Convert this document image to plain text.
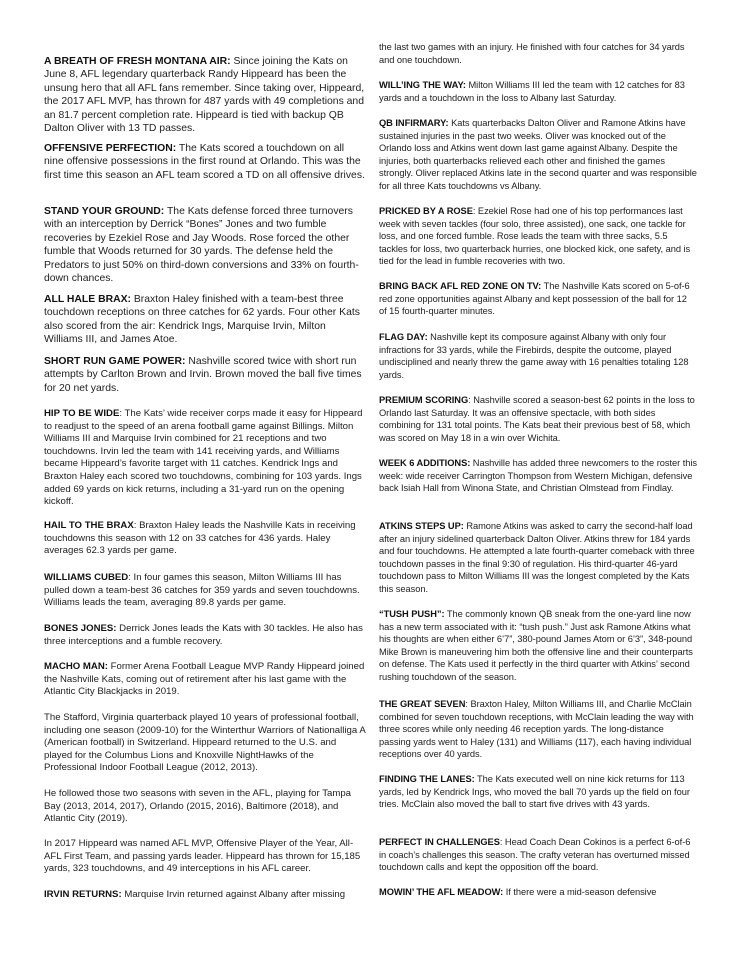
A BREATH OF FRESH MONTANA AIR: Since joining the Kats on June 8, AFL legendary quarterback Randy Hippeard has been the unsung hero that all AFL fans remember. Since taking over, Hippeard, the 2017 AFL MVP, has thrown for 487 yards with 49 completions and an 81.7 percent completion rate. Hippeard is tied with backup QB Dalton Oliver with 13 TD passes.

OFFENSIVE PERFECTION: The Kats scored a touchdown on all nine offensive possessions in the first round at Orlando. This was the first time this season an AFL team scored a TD on all offensive drives.

STAND YOUR GROUND: The Kats defense forced three turnovers with an interception by Derrick “Bones” Jones and two fumble recoveries by Ezekiel Rose and Jay Woods. Rose forced the other fumble that Woods returned for 30 yards. The defense held the Predators to just 50% on third-down conversions and 33% on fourth-down chances.

ALL HALE BRAX: Braxton Haley finished with a team-best three touchdown receptions on three catches for 62 yards. Four other Kats also scored from the air: Kendrick Ings, Marquise Irvin, Milton Williams III, and James Atoe.

SHORT RUN GAME POWER: Nashville scored twice with short run attempts by Carlton Brown and Irvin. Brown moved the ball five times for 20 net yards.

HIP TO BE WIDE: The Kats’ wide receiver corps made it easy for Hippeard to readjust to the speed of an arena football game against Billings. Milton Williams III and Marquise Irvin combined for 21 receptions and two touchdowns. Irvin led the team with 141 receiving yards, and Williams became Hippeard’s favorite target with 11 catches. Kendrick Ings and Braxton Haley each scored two touchdowns, combining for 103 yards. Ings added 69 yards on kick returns, including a 31-yard run on the opening kickoff.

HAIL TO THE BRAX: Braxton Haley leads the Nashville Kats in receiving touchdowns this season with 12 on 33 catches for 436 yards. Haley averages 62.3 yards per game.

WILLIAMS CUBED: In four games this season, Milton Williams III has pulled down a team-best 36 catches for 359 yards and seven touchdowns. Williams leads the team, averaging 89.8 yards per game.

BONES JONES: Derrick Jones leads the Kats with 30 tackles. He also has three interceptions and a fumble recovery.

MACHO MAN: Former Arena Football League MVP Randy Hippeard joined the Nashville Kats, coming out of retirement after his last game with the Atlantic City Blackjacks in 2019.

The Stafford, Virginia quarterback played 10 years of professional football, including one season (2009-10) for the Winterthur Warriors of Nationalliga A (American football) in Switzerland. Hippeard returned to the U.S. and played for the Columbus Lions and Knoxville NightHawks of the Professional Indoor Football League (2012, 2013).

He followed those two seasons with seven in the AFL, playing for Tampa Bay (2013, 2014, 2017), Orlando (2015, 2016), Baltimore (2018), and Atlantic City (2019).

In 2017 Hippeard was named AFL MVP, Offensive Player of the Year, All-AFL First Team, and passing yards leader. Hippeard has thrown for 15,185 yards, 323 touchdowns, and 49 interceptions in his AFL career.

IRVIN RETURNS: Marquise Irvin returned against Albany after missing

the last two games with an injury. He finished with four catches for 34 yards and one touchdown.

WILL’ING THE WAY: Milton Williams III led the team with 12 catches for 83 yards and a touchdown in the loss to Albany last Saturday.

QB INFIRMARY: Kats quarterbacks Dalton Oliver and Ramone Atkins have sustained injuries in the past two weeks. Oliver was knocked out of the Orlando loss and Atkins went down last game against Albany. Despite the injuries, both quarterbacks relieved each other and finished the games strongly. Oliver replaced Atkins late in the second quarter and was responsible for all three Kats touchdowns vs Albany.

PRICKED BY A ROSE: Ezekiel Rose had one of his top performances last week with seven tackles (four solo, three assisted), one sack, one tackle for loss, and one forced fumble. Rose leads the team with three sacks, 5.5 tackles for loss, two quarterback hurries, one blocked kick, one safety, and is tied for the lead in fumble recoveries with two.

BRING BACK AFL RED ZONE ON TV: The Nashville Kats scored on 5-of-6 red zone opportunities against Albany and kept possession of the ball for 12 of 15 fourth-quarter minutes.

FLAG DAY: Nashville kept its composure against Albany with only four infractions for 33 yards, while the Firebirds, despite the outcome, played undisciplined and nearly threw the game away with 16 penalties totaling 128 yards.

PREMIUM SCORING: Nashville scored a season-best 62 points in the loss to Orlando last Saturday. It was an offensive spectacle, with both sides combining for 131 total points. The Kats beat their previous best of 58, which was scored on May 18 in a win over Wichita.

WEEK 6 ADDITIONS: Nashville has added three newcomers to the roster this week: wide receiver Carrington Thompson from Western Michigan, defensive back Isiah Hall from Winona State, and Christian Olmstead from Findlay.

ATKINS STEPS UP: Ramone Atkins was asked to carry the second-half load after an injury sidelined quarterback Dalton Oliver. Atkins threw for 184 yards and four touchdowns. He attempted a late fourth-quarter comeback with three touchdown passes in the final 9:30 of regulation. His third-quarter 46-yard touchdown pass to Milton Williams III was the longest completed by the Kats this season.

“TUSH PUSH”: The commonly known QB sneak from the one-yard line now has a new term associated with it: “tush push.” Just ask Ramone Atkins what his thoughts are when either 6’7”, 380-pound James Atom or 6’3”, 348-pound Mike Brown is maneuvering him both the offensive line and their counterparts on defense. The Kats used it perfectly in the third quarter with Atkins’ second rushing touchdown of the season.

THE GREAT SEVEN: Braxton Haley, Milton Williams III, and Charlie McClain combined for seven touchdown receptions, with McClain leading the way with three scores while only needing 46 reception yards. The long-distance passing yards went to Haley (131) and Williams (117), each having individual receptions over 40 yards.

FINDING THE LANES: The Kats executed well on nine kick returns for 113 yards, led by Kendrick Ings, who moved the ball 70 yards up the field on four tries. McClain also moved the ball to start five drives with 43 yards.

PERFECT IN CHALLENGES: Head Coach Dean Cokinos is a perfect 6-of-6 in coach’s challenges this season. The crafty veteran has overturned missed touchdown calls and kept the opposition off the board.

MOWIN’ THE AFL MEADOW: If there were a mid-season defensive
